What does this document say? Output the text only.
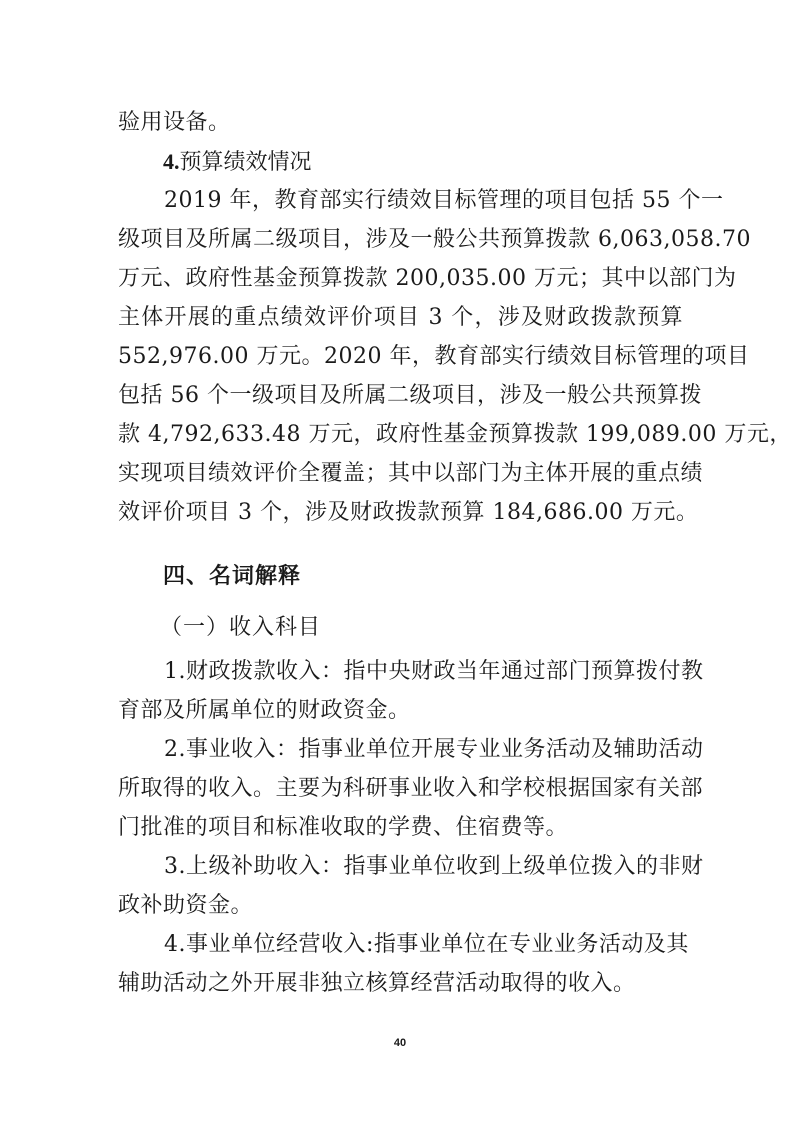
验用设备。

4.预算绩效情况

2019 年，教育部实行绩效目标管理的项目包括 55 个一
级项目及所属二级项目，涉及一般公共预算拨款 6,063,058.70
万元、政府性基金预算拨款 200,035.00 万元；其中以部门为
主体开展的重点绩效评价项目 3 个，涉及财政拨款预算
552,976.00 万元。2020 年，教育部实行绩效目标管理的项目
包括 56 个一级项目及所属二级项目，涉及一般公共预算拨
款 4,792,633.48 万元，政府性基金预算拨款 199,089.00 万元，
实现项目绩效评价全覆盖；其中以部门为主体开展的重点绩
效评价项目 3 个，涉及财政拨款预算 184,686.00 万元。

四、名词解释

（一）收入科目

1.财政拨款收入：指中央财政当年通过部门预算拨付教
育部及所属单位的财政资金。

2.事业收入：指事业单位开展专业业务活动及辅助活动
所取得的收入。主要为科研事业收入和学校根据国家有关部
门批准的项目和标准收取的学费、住宿费等。

3.上级补助收入：指事业单位收到上级单位拨入的非财
政补助资金。

4.事业单位经营收入:指事业单位在专业业务活动及其
辅助活动之外开展非独立核算经营活动取得的收入。

40
